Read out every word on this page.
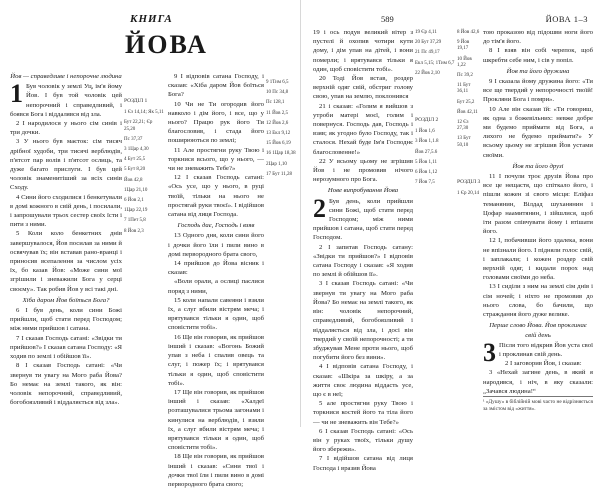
КНИГА
ЙОВА

Йов — справедливе і непорочне людина

1 Був чоловік у землі Уц, ім'я йому Йов. І був той чоловік цей непорочний і справедливий, і боявся Бога і віддалявся від зла.

2 І народилося у нього сім синів і три дочки.

3 У нього був маєток: сім тисяч дрібної худоби, три тисячі верблюдів, п'ятсот пар волів і п'ятсот ослиць, та дуже багато прислуги. І був цей чоловік знаменитіший за всіх синів Сходу.

4 Сини його сходилися і бенкетували в домі кожного в свій день, і посилали, і запрошували трьох сестер своїх їсти і пити з ними.

5 Коли коло бенкетних днів завершувалося, Йов посилав за ними й освячував їх; він вставав рано-вранці і приносив всепалення за числом усіх їх, бо казав Йов: «Може сини мої згрішили і зневажили Бога у серці своєму». Так робив Йов у всі такі дні.

Хіба даром Йов боїться Бога?

6 І був день, коли сини Божі прийшли, щоб стати перед Господом; між ними прийшов і сатана.

7 І сказав Господь сатані: «Звідки ти прийшов?» І сказав сатана Господу: «Я ходив по землі і обійшов її».

8 І сказав Господь сатані: «Чи звернув ти увагу на Мого раба Йова? Бо немає на землі такого, як він: чоловік непорочний, справедливий, богобоязливий і віддаляється від зла».

РОЗДІЛ 1
1 Єз 14,14; Як 5,11
Бут 22,21; Єр 25,20
Пс 37,37
3 1Цар 4,30
4 Бут 25,5
5 Бут 8,20
Йов 42,8
1Цар 21,10
6 Йов 2,1
1Цар 22,19
7 1Пет 5,8
8 Йов 2,3

9 І відповів сатана Господу, і сказав: «Хіба даром Йов боїться Бога?

10 Чи не Ти огородив його навколо і дім його, і все, що у нього? Працю рук його Ти благословив, і стада його поширюються по землі;

11 Але простягни руку Твою і торкнися всього, що у нього, — чи не зневажить Тебе?»

12 І сказав Господь сатані: «Ось усе, що у нього, в руці твоїй, тільки на нього не простягай руки твоєї». І відійшов сатана від лиця Господа.

Господь дає, Господь і взяв

13 Одного дня, коли сини його і дочки його їли і пили вино в домі первородного брата свого,

14 прийшов до Йова вісник і сказав:

«Воли орали, а ослиці паслися поряд з ними,

15 коли напали савеяни і взяли їх, а слуг вбили вістрям меча; і врятувався тільки я один, щоб сповістити тобі».

16 Ще він говорив, як прийшов інший і сказав: «Вогонь Божий упав з неба і спалив овець та слуг, і пожер їх; і врятувався тільки я один, щоб сповістити тобі».

17 Ще він говорив, як прийшов інший і сказав: «Халдеї розташувалися трьома загонами і кинулися на верблюдів, і взяли їх, а слуг вбили вістрям меча; і врятувався тільки я один, щоб сповістити тобі».

18 Ще він говорив, як прийшов інший і сказав: «Сини твої і дочки твої їли і пили вино в домі первородного брата свого;

9 1Тим 6,5
10 Пс 34,8
Пс 128,1
11 Йов 2,5
12 Йов 2,6
13 Екл 9,12
15 Йов 6,19
16 1Цар 18,38
2Цар 1,10
17 Бут 11,28
589	ЙОВА 1–3

19 і ось подув великий вітер з пустелі й охопив чотири кути дому, і дім упав на дітей, і вони померли; і врятувався тільки я один, щоб сповістити тобі».

20 Тоді Йов встав, роздер верхній одяг свій, обстриг голову свою, упав на землю, поклонився

21 і сказав: «Голим я вийшов з утроби матері моєї, голим і повернуся. Господь дав, Господь і взяв; як угодно було Господу, так і сталося. Нехай буде Ім'я Господнє благословенне!»

22 У всьому цьому не згрішив Йов і не промовив нічого нерозумного про Бога.

Нове випробування Йова

2 Був день, коли прийшли сини Божі, щоб стати перед Господом; між ними прийшов і сатана, щоб стати перед Господом.

2 І запитав Господь сатану: «Звідки ти прийшов?» І відповів сатана Господу і сказав: «Я ходив по землі й обійшов її».

3 І сказав Господь сатані: «Чи звернув ти увагу на Мого раба Йова? Бо немає на землі такого, як він: чоловік непорочний, справедливий, богобоязливий і віддаляється від зла, і досі він твердий у своїй непорочності; а ти збуджував Мене проти нього, щоб погубити його без вини».

4 І відповів сатана Господу, і сказав: «Шкіра за шкіру, а за життя своє людина віддасть усе, що є в неї;

5 але простягни руку Твою і торкнися костей його та тіла його — чи не зневажить він Тебе?»

6 І сказав Господь сатані: «Ось він у руках твоїх, тільки душу його збережи».

7 І відійшов сатана від лиця Господа і вразив Йова

19 Єр 4,11
20 Бут 37,29
21 Пс 49,17
Екл 5,15; 1Тим 6,7
22 Йов 2,10
РОЗДІЛ 2
1 Йов 1,6
3 Йов 1,1.8
Йов 27,5.6
5 Йов 1,11
6 Йов 1,12
7 Йов 7,5
8 Йов 42,6
9 Йов 19,17
10 Йов 1,22
Пс 39,2
11 Бут 36,11
Бут 25,2
Йов 42,11
12 Єз 27,30
13 Бут 50,10
РОЗДІЛ 3
1 Єр 20,14

тою проказою від підошви ноги його до тім'я його.

8 І взяв він собі черепок, щоб шкребти себе ним, і сів у попіл.

Йов та його дружина

9 І сказала йому дружина його: «Ти все ще твердий у непорочності твоїй! Прокляни Бога і помри».

10 Але він сказав їй: «Ти говориш, як одна з божевільних: невже добре ми будемо приймати від Бога, а лихого не будемо приймати?» У всьому цьому не згрішив Йов устами своїми.

Йов та його друзі

11 І почули троє друзів Йова про все це нещастя, що спіткало його, і пішли кожен зі свого місця: Еліфаз теманянин, Вілдад шуханянин і Цофар наамитянин, і зійшлися, щоб іти разом співчувати йому і втішати його.

12 І, побачивши його здалека, вони не впізнали його. І підняли голос свій, і заплакали; і кожен роздер свій верхній одяг, і кидали порох над головами своїми до неба.

13 І сиділи з ним на землі сім днів і сім ночей; і ніхто не промовив до нього слова, бо бачили, що страждання його дуже велике.

Перше слово Йова. Йов проклинає свій день

3 Після того відкрив Йов уста свої і проклинав свій день.

2 І заговорив Йов, і сказав:

3 «Нехай загине день, в який я народився, і ніч, в яку сказали: „Зачався людина!“

¹ «Душу» в біблійній мові часто не відрізняється за змістом від «життя».
